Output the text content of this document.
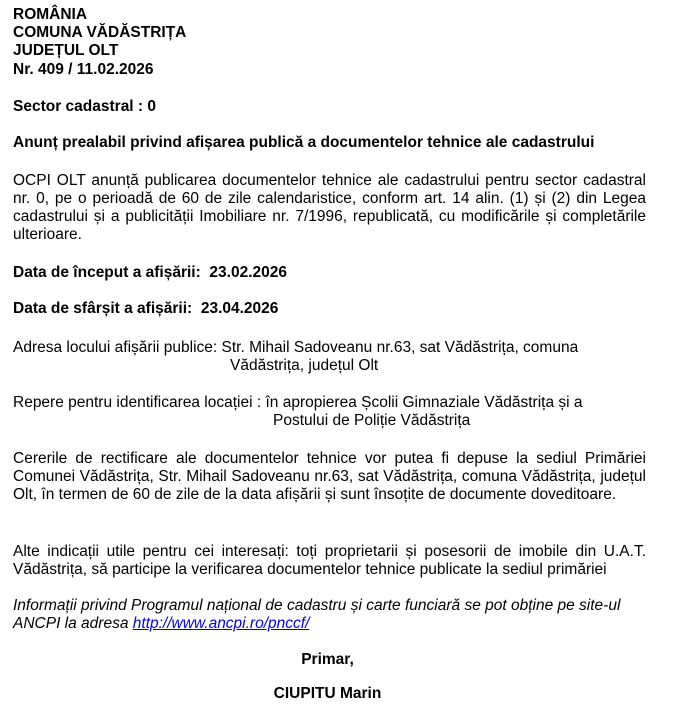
ROMÂNIA
COMUNA VĂDĂSTRIȚA
JUDEȚUL OLT
Nr. 409 / 11.02.2026
Sector cadastral : 0
Anunț prealabil privind afișarea publică a documentelor tehnice ale cadastrului
OCPI OLT anunță publicarea documentelor tehnice ale cadastrului pentru sector cadastral nr. 0, pe o perioadă de 60 de zile calendaristice, conform art. 14 alin. (1) și (2) din Legea cadastrului și a publicității Imobiliare nr. 7/1996, republicată, cu modificările și completările ulterioare.
Data de început a afișării: 23.02.2026
Data de sfârșit a afișării: 23.04.2026
Adresa locului afișării publice: Str. Mihail Sadoveanu nr.63, sat Vădăstrița, comuna
Vădăstrița, județul Olt
Repere pentru identificarea locației : în apropierea Școlii Gimnaziale Vădăstrița și a
Postului de Poliție Vădăstrița
Cererile de rectificare ale documentelor tehnice vor putea fi depuse la sediul Primăriei Comunei Vădăstrița, Str. Mihail Sadoveanu nr.63, sat Vădăstrița, comuna Vădăstrița, județul Olt, în termen de 60 de zile de la data afișării și sunt însoțite de documente doveditoare.
Alte indicații utile pentru cei interesați: toți proprietarii și posesorii de imobile din U.A.T. Vădăstrița, să participe la verificarea documentelor tehnice publicate la sediul primăriei
Informații privind Programul național de cadastru și carte funciară se pot obține pe site-ul ANCPI la adresa http://www.ancpi.ro/pnccf/
Primar,
CIUPITU Marin
